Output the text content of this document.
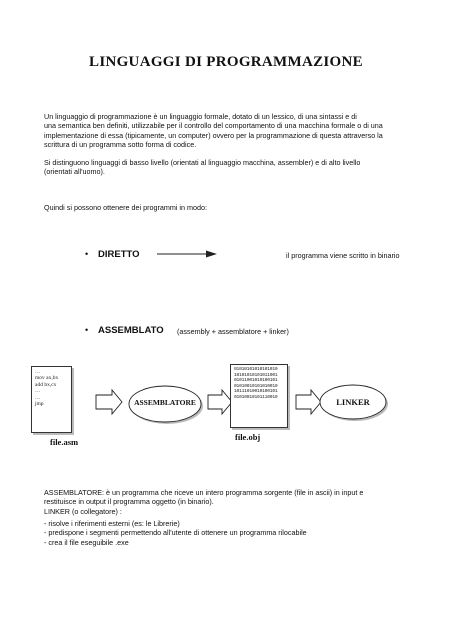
LINGUAGGI DI PROGRAMMAZIONE
Un linguaggio di programmazione è un linguaggio formale, dotato di un lessico, di una sintassi e di
una semantica ben definiti, utilizzabile per il controllo del comportamento di una macchina formale o di una
implementazione di essa (tipicamente, un computer) ovvero per la programmazione di questa attraverso la
scrittura di un programma sotto forma di codice.
Si distinguono linguaggi di basso livello (orientati al linguaggio macchina, assembler) e di alto livello
(orientati all'uomo).
Quindi si possono ottenere dei programmi in modo:
• DIRETTO	il programma viene scritto in binario
• ASSEMBLATO (assembly + assemblatore + linker)
…
mov ax,bx
add bx,cx
…
…
jmp
file.asm
ASSEMBLATORE	LINKER
01010101010101010
10101010101011001
01011001010100101
01010010101010010
10111010010100101
01010010101110010
file.obj
ASSEMBLATORE: è un programma che riceve un intero programma sorgente (file in ascii) in input e
restituisce in output il programma oggetto (in binario).
LINKER (o collegatore) :
- risolve i riferimenti esterni (es: le Librerie)
- predispone i segmenti permettendo all'utente di ottenere un programma rilocabile
- crea il file eseguibile .exe
